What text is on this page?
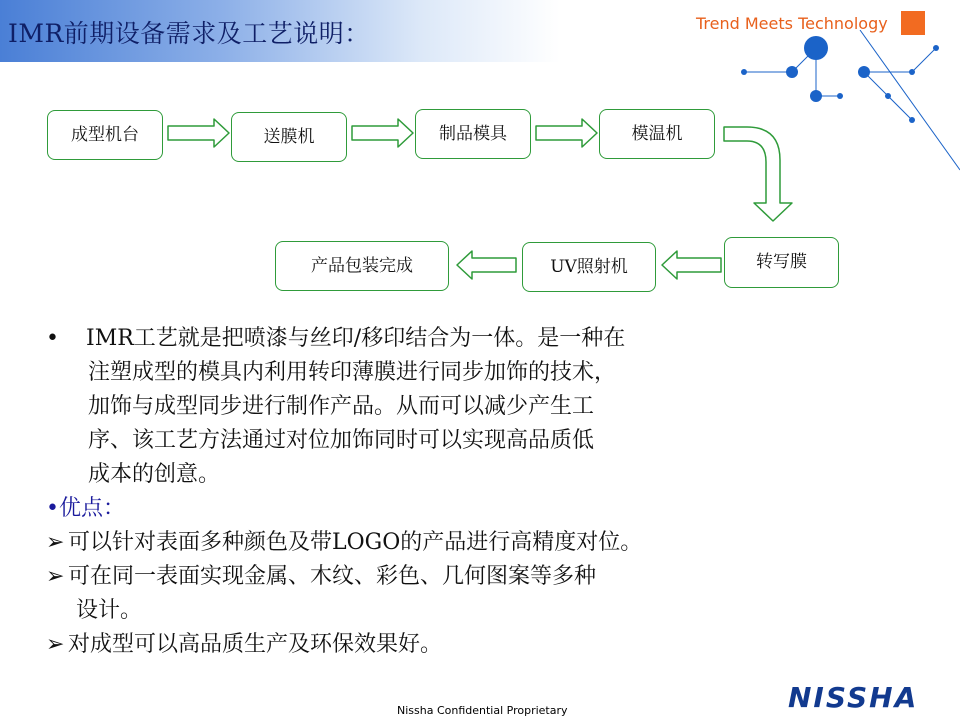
IMR前期设备需求及工艺说明：	Trend Meets Technology
成型机台	送膜机	制品模具	模温机
转写膜
UV照射机
产品包装完成
•	IMR工艺就是把喷漆与丝印/移印结合为一体。是一种在
注塑成型的模具内利用转印薄膜进行同步加饰的技术，
加饰与成型同步进行制作产品。从而可以减少产生工
序、该工艺方法通过对位加饰同时可以实现高品质低
成本的创意。
•优点：
➢ 可以针对表面多种颜色及带LOGO的产品进行高精度对位。
➢ 可在同一表面实现金属、木纹、彩色、几何图案等多种
设计。
➢ 对成型可以高品质生产及环保效果好。
Nissha Confidential Proprietary	NISSHA
